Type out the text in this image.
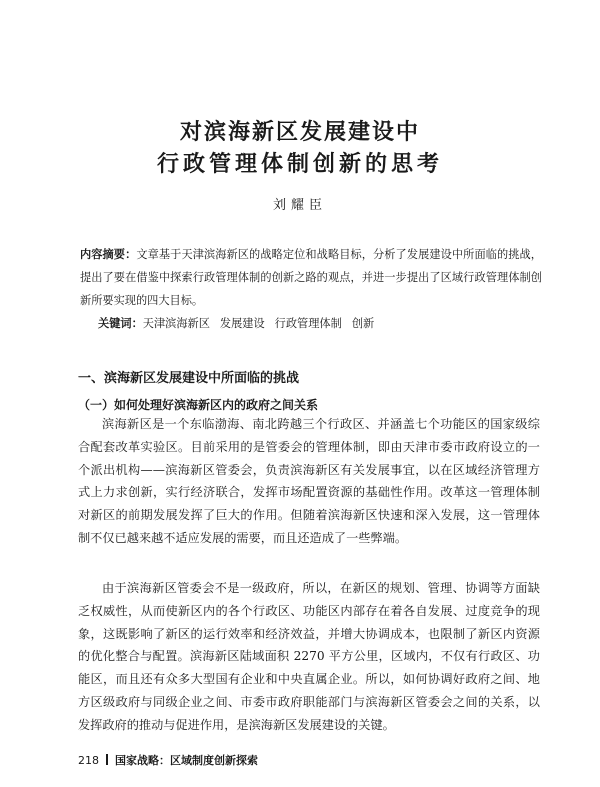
对滨海新区发展建设中
行政管理体制创新的思考
刘耀臣

内容摘要：文章基于天津滨海新区的战略定位和战略目标，分析了发展建设中所面临的挑战，提出了要在借鉴中探索行政管理体制的创新之路的观点，并进一步提出了区域行政管理体制创新所要实现的四大目标。

关键词：天津滨海新区 发展建设 行政管理体制 创新

一、滨海新区发展建设中所面临的挑战
（一）如何处理好滨海新区内的政府之间关系

滨海新区是一个东临渤海、南北跨越三个行政区、并涵盖七个功能区的国家级综合配套改革实验区。目前采用的是管委会的管理体制，即由天津市委市政府设立的一个派出机构——滨海新区管委会，负责滨海新区有关发展事宜，以在区域经济管理方式上力求创新，实行经济联合，发挥市场配置资源的基础性作用。改革这一管理体制对新区的前期发展发挥了巨大的作用。但随着滨海新区快速和深入发展，这一管理体制不仅已越来越不适应发展的需要，而且还造成了一些弊端。

由于滨海新区管委会不是一级政府，所以，在新区的规划、管理、协调等方面缺乏权威性，从而使新区内的各个行政区、功能区内部存在着各自发展、过度竞争的现象，这既影响了新区的运行效率和经济效益，并增大协调成本，也限制了新区内资源的优化整合与配置。滨海新区陆域面积 2270 平方公里，区域内，不仅有行政区、功能区，而且还有众多大型国有企业和中央直属企业。所以，如何协调好政府之间、地方区级政府与同级企业之间、市委市政府职能部门与滨海新区管委会之间的关系，以发挥政府的推动与促进作用，是滨海新区发展建设的关键。

218 国家战略：区域制度创新探索
